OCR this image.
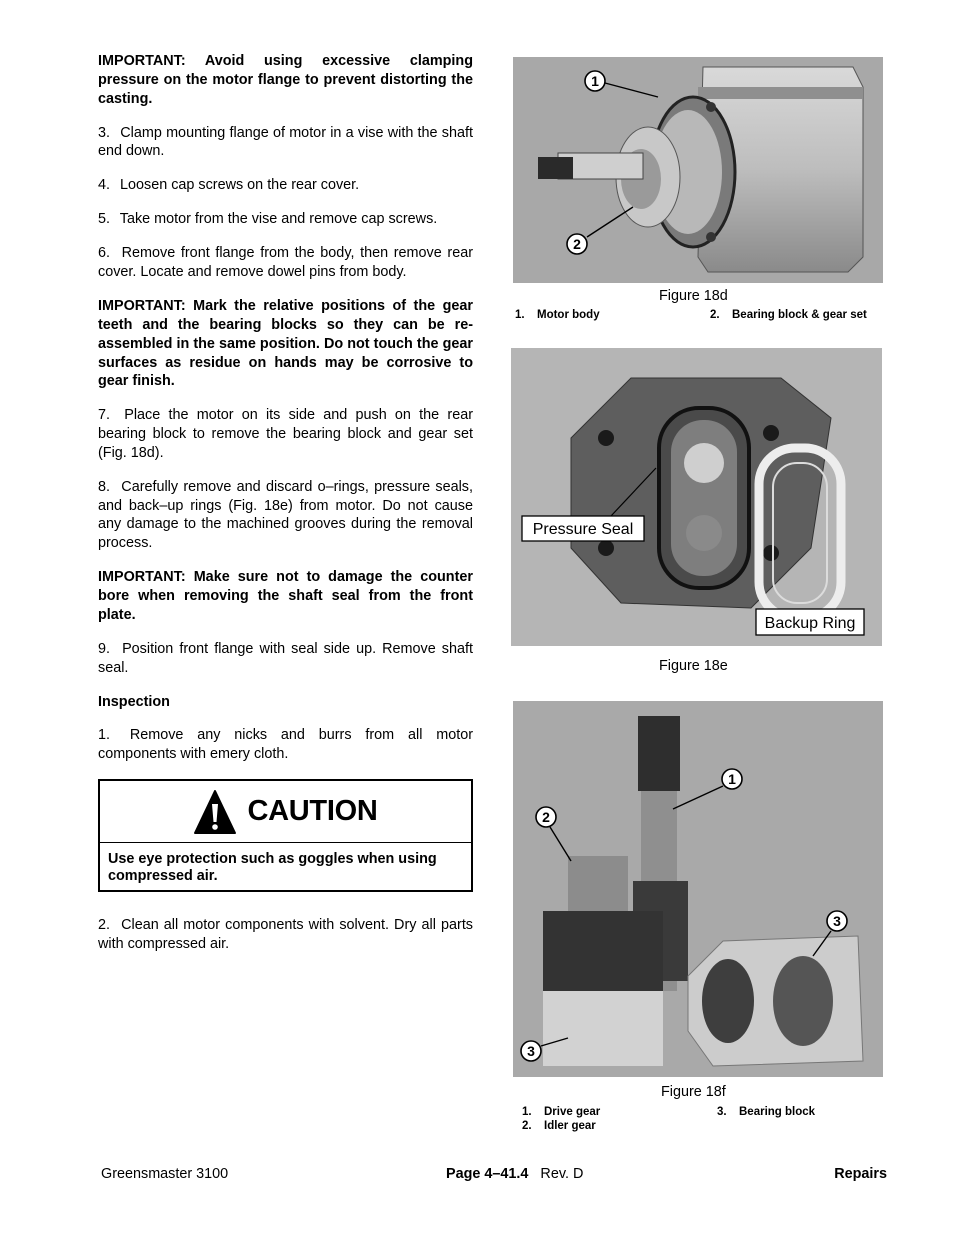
IMPORTANT: Avoid using excessive clamping pressure on the motor flange to prevent distorting the casting.

3. Clamp mounting flange of motor in a vise with the shaft end down.

4. Loosen cap screws on the rear cover.

5. Take motor from the vise and remove cap screws.

6. Remove front flange from the body, then remove rear cover. Locate and remove dowel pins from body.

IMPORTANT: Mark the relative positions of the gear teeth and the bearing blocks so they can be re-assembled in the same position. Do not touch the gear surfaces as residue on hands may be corrosive to gear finish.

7. Place the motor on its side and push on the rear bearing block to remove the bearing block and gear set (Fig. 18d).

8. Carefully remove and discard o–rings, pressure seals, and back–up rings (Fig. 18e) from motor. Do not cause any damage to the machined grooves during the removal process.

IMPORTANT: Make sure not to damage the counter bore when removing the shaft seal from the front plate.

9. Position front flange with seal side up. Remove shaft seal.

Inspection

1. Remove any nicks and burrs from all motor components with emery cloth.

CAUTION
Use eye protection such as goggles when using compressed air.

2. Clean all motor components with solvent. Dry all parts with compressed air.

1
2
Figure 18d
1. Motor body	2. Bearing block & gear set
Pressure Seal
Backup Ring
Figure 18e
1
2
3
3
Figure 18f
1. Drive gear
2. Idler gear
3. Bearing block
Greensmaster 3100	Page 4–41.4 Rev. D	Repairs
